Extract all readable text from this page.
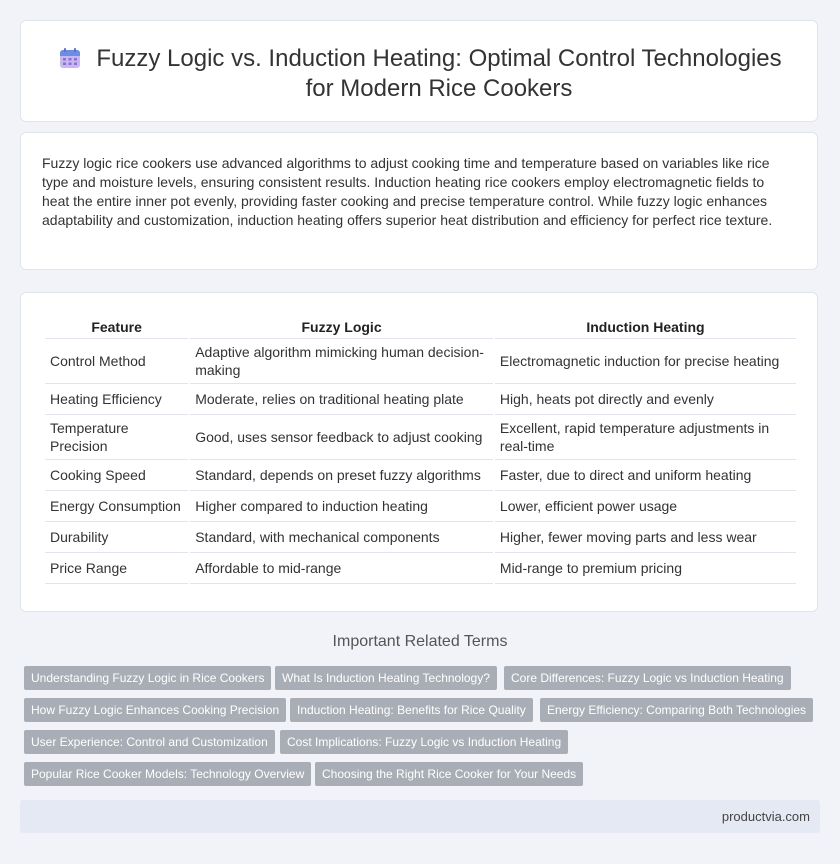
Fuzzy Logic vs. Induction Heating: Optimal Control Technologies
for Modern Rice Cookers

Fuzzy logic rice cookers use advanced algorithms to adjust cooking time and temperature based on variables like rice type and moisture levels, ensuring consistent results. Induction heating rice cookers employ electromagnetic fields to heat the entire inner pot evenly, providing faster cooking and precise temperature control. While fuzzy logic enhances adaptability and customization, induction heating offers superior heat distribution and efficiency for perfect rice texture.

Feature	Fuzzy Logic	Induction Heating
Control Method	Adaptive algorithm mimicking human decision-making	Electromagnetic induction for precise heating
Heating Efficiency	Moderate, relies on traditional heating plate	High, heats pot directly and evenly
Temperature Precision	Good, uses sensor feedback to adjust cooking	Excellent, rapid temperature adjustments in real-time
Cooking Speed	Standard, depends on preset fuzzy algorithms	Faster, due to direct and uniform heating
Energy Consumption	Higher compared to induction heating	Lower, efficient power usage
Durability	Standard, with mechanical components	Higher, fewer moving parts and less wear
Price Range	Affordable to mid-range	Mid-range to premium pricing
Important Related Terms
Understanding Fuzzy Logic in Rice Cookers	What Is Induction Heating Technology?	Core Differences: Fuzzy Logic vs Induction Heating
How Fuzzy Logic Enhances Cooking Precision	Induction Heating: Benefits for Rice Quality	Energy Efficiency: Comparing Both Technologies
User Experience: Control and Customization	Cost Implications: Fuzzy Logic vs Induction Heating
Popular Rice Cooker Models: Technology Overview	Choosing the Right Rice Cooker for Your Needs
productvia.com
